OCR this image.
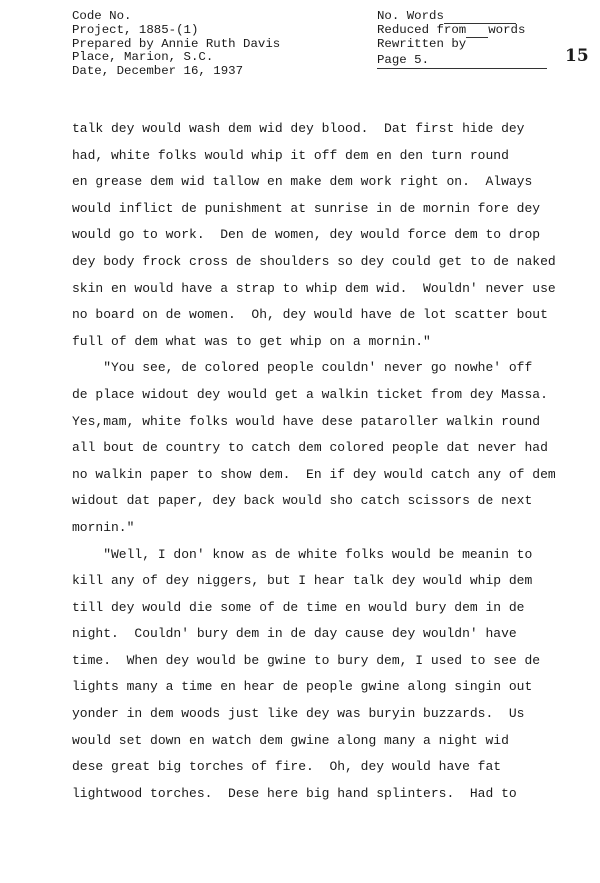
Code No.
Project, 1885-(1)
Prepared by Annie Ruth Davis
Place, Marion, S.C.
Date, December 16, 1937
No. Words
Reduced from words
Rewritten by
Page 5.	15
talk dey would wash dem wid dey blood.  Dat first hide dey
had, white folks would whip it off dem en den turn round
en grease dem wid tallow en make dem work right on.  Always
would inflict de punishment at sunrise in de mornin fore dey
would go to work.  Den de women, dey would force dem to drop
dey body frock cross de shoulders so dey could get to de naked
skin en would have a strap to whip dem wid.  Wouldn' never use
no board on de women.  Oh, dey would have de lot scatter bout
full of dem what was to get whip on a mornin."
"You see, de colored people couldn' never go nowhe' off
de place widout dey would get a walkin ticket from dey Massa.
Yes,mam, white folks would have dese pataroller walkin round
all bout de country to catch dem colored people dat never had
no walkin paper to show dem.  En if dey would catch any of dem
widout dat paper, dey back would sho catch scissors de next
mornin."
"Well, I don' know as de white folks would be meanin to
kill any of dey niggers, but I hear talk dey would whip dem
till dey would die some of de time en would bury dem in de
night.  Couldn' bury dem in de day cause dey wouldn' have
time.  When dey would be gwine to bury dem, I used to see de
lights many a time en hear de people gwine along singin out
yonder in dem woods just like dey was buryin buzzards.  Us
would set down en watch dem gwine along many a night wid
dese great big torches of fire.  Oh, dey would have fat
lightwood torches.  Dese here big hand splinters.  Had to
